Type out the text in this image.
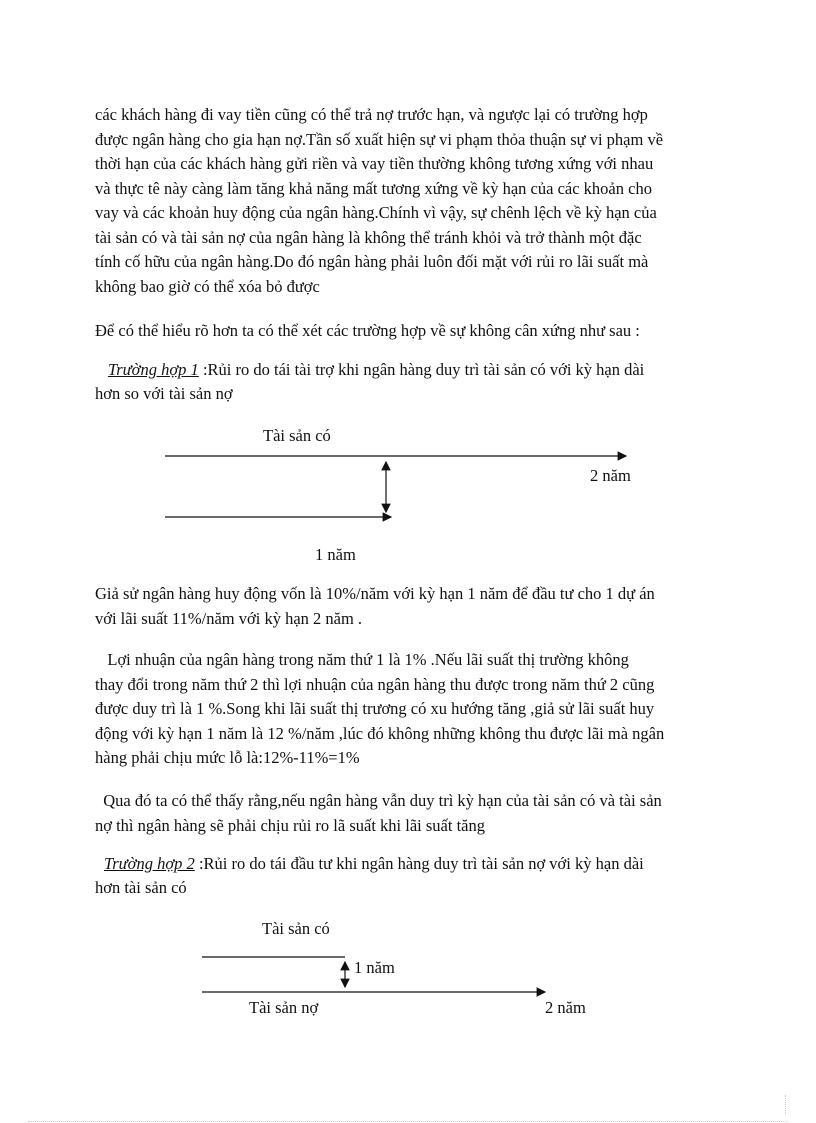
các khách hàng đi vay tiền cũng có thể trả nợ trước hạn, và ngược lại có trường hợp
được ngân hàng cho gia hạn nợ.Tần số xuất hiện sự vi phạm thỏa thuận sự vi phạm về
thời hạn của các khách hàng gửi riền và vay tiền thường không tương xứng với nhau
và thực tê này càng làm tăng khả năng mất tương xứng về kỳ hạn của các khoản cho
vay và các khoản huy động của ngân hàng.Chính vì vậy, sự chênh lệch về kỳ hạn của
tài sản có và tài sản nợ của ngân hàng là không thể tránh khỏi và trở thành một đặc
tính cố hữu của ngân hàng.Do đó ngân hàng phải luôn đối mặt với rủi ro lãi suất mà
không bao giờ có thể xóa bỏ được

Để có thể hiểu rõ hơn ta có thể xét các trường hợp về sự không cân xứng như sau :

Trường hợp 1 :Rủi ro do tái tài trợ khi ngân hàng duy trì tài sản có với kỳ hạn dài

hơn so với tài sản nợ

Tài sản có
2 năm
1 năm

Giả sử ngân hàng huy động vốn là 10%/năm với kỳ hạn 1 năm để đầu tư cho 1 dự án
với lãi suất 11%/năm với kỳ hạn 2 năm .

Lợi nhuận của ngân hàng trong năm thứ 1 là 1% .Nếu lãi suất thị trường không
thay đổi trong năm thứ 2 thì lợi nhuận của ngân hàng thu được trong năm thứ 2 cũng
được duy trì là 1 %.Song khi lãi suất thị trương có xu hướng tăng ,giả sử lãi suất huy
động với kỳ hạn 1 năm là 12 %/năm ,lúc đó không những không thu được lãi mà ngân
hàng phải chịu mức lỗ là:12%-11%=1%

Qua đó ta có thể thấy rằng,nếu ngân hàng vẫn duy trì kỳ hạn của tài sản có và tài sản
nợ thì ngân hàng sẽ phải chịu rủi ro lã suất khi lãi suất tăng

Trường hợp 2 :Rủi ro do tái đầu tư khi ngân hàng duy trì tài sản nợ với kỳ hạn dài

hơn tài sản có

Tài sản có
1 năm
Tài sản nợ	2 năm
